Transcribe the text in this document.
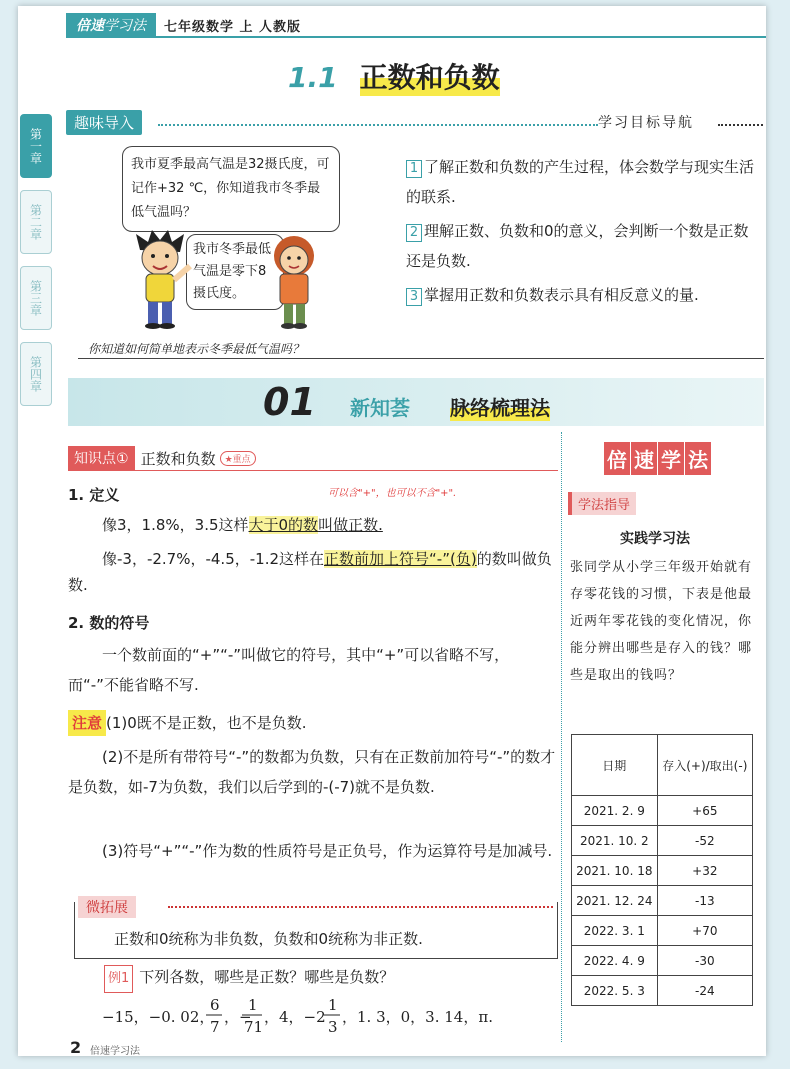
倍速学习法	七年级数学 上 人教版
1.1 正数和负数
第一章
第二章
第三章
第四章
趣味导入	学习目标导航
我市夏季最高气温是32摄氏度，可记作+32 ℃，你知道我市冬季最低气温吗？
我市冬季最低气温是零下8摄氏度。
你知道如何简单地表示冬季最低气温吗？
1 了解正数和负数的产生过程，体会数学与现实生活的联系.
2 理解正数、负数和0的意义，会判断一个数是正数还是负数.
3 掌握用正数和负数表示具有相反意义的量.
01 新知荟 脉络梳理法
知识点① 正数和负数	★重点
可以含"+"，也可以不含"+".
1. 定义
像3，1.8%，3.5这样大于0的数叫做正数.
像-3，-2.7%，-4.5，-1.2这样在正数前加上符号“-”(负)的数叫做负数.
2. 数的符号
一个数前面的“+”“-”叫做它的符号，其中“+”可以省略不写，而“-”不能省略不写.
注意 (1)0既不是正数，也不是负数.
(2)不是所有带符号“-”的数都为负数，只有在正数前加符号“-”的数才是负数，如-7为负数，我们以后学到的-(-7)就不是负数.
(3)符号“+”“-”作为数的性质符号是正负号，作为运算符号是加减号.
微拓展
正数和0统称为非负数，负数和0统称为非正数.
例1 下列各数，哪些是正数？哪些是负数？
−15，−0. 02，
6
7
，−
1
71
，4，−2
1
3
，1. 3，0，3. 14，π.
倍 速 学 法
学法指导
实践学习法
张同学从小学三年级开始就有存零花钱的习惯，下表是他最近两年零花钱的变化情况，你能分辨出哪些是存入的钱？哪些是取出的钱吗？
日期	存入(+)/取出(-)
2021. 2. 9	+65
2021. 10. 2	-52
2021. 10. 18	+32
2021. 12. 24	-13
2022. 3. 1	+70
2022. 4. 9	-30
2022. 5. 3	-24
2 倍速学习法
